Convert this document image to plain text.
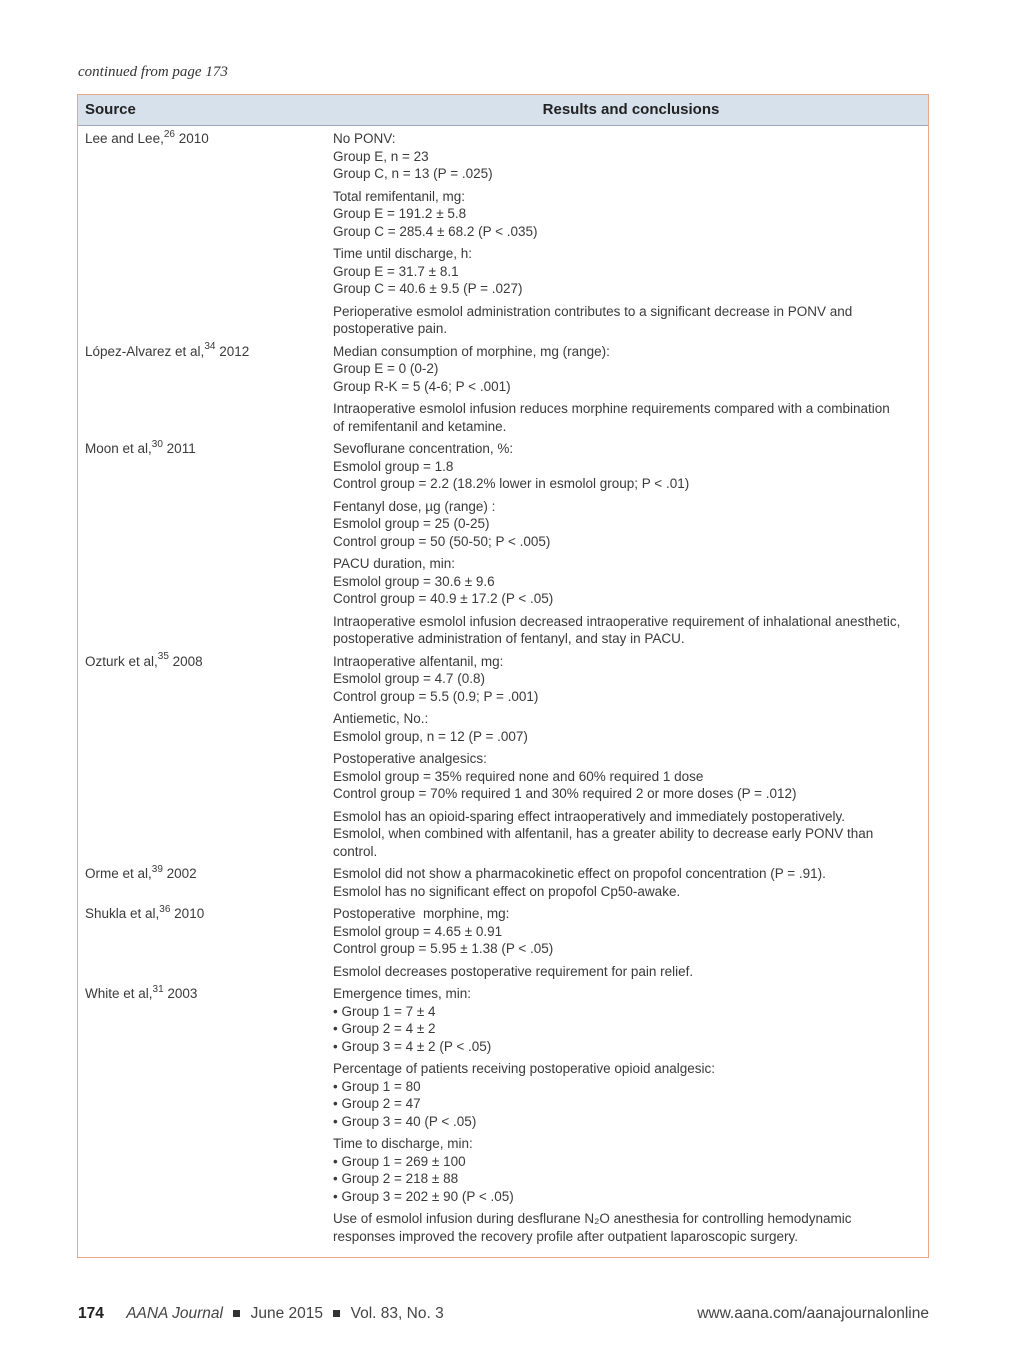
continued from page 173
Source	Results and conclusions
Lee and Lee,$^{26}$ 2010	No PONV:
Group E, n = 23
Group C, n = 13 (P = .025)
Total remifentanil, mg:
Group E = 191.2 ± 5.8
Group C = 285.4 ± 68.2 (P < .035)
Time until discharge, h:
Group E = 31.7 ± 8.1
Group C = 40.6 ± 9.5 (P = .027)
Perioperative esmolol administration contributes to a significant decrease in PONV and
postoperative pain.
López-Alvarez et al,$^{34}$ 2012	Median consumption of morphine, mg (range):
Group E = 0 (0-2)
Group R-K = 5 (4-6; P < .001)
Intraoperative esmolol infusion reduces morphine requirements compared with a combination
of remifentanil and ketamine.
Moon et al,$^{30}$ 2011	Sevoflurane concentration, %:
Esmolol group = 1.8
Control group = 2.2 (18.2% lower in esmolol group; P < .01)
Fentanyl dose, µg (range) :
Esmolol group = 25 (0-25)
Control group = 50 (50-50; P < .005)
PACU duration, min:
Esmolol group = 30.6 ± 9.6
Control group = 40.9 ± 17.2 (P < .05)
Intraoperative esmolol infusion decreased intraoperative requirement of inhalational anesthetic,
postoperative administration of fentanyl, and stay in PACU.
Ozturk et al,$^{35}$ 2008	Intraoperative alfentanil, mg:
Esmolol group = 4.7 (0.8)
Control group = 5.5 (0.9; P = .001)
Antiemetic, No.:
Esmolol group, n = 12 (P = .007)
Postoperative analgesics:
Esmolol group = 35% required none and 60% required 1 dose
Control group = 70% required 1 and 30% required 2 or more doses (P = .012)
Esmolol has an opioid-sparing effect intraoperatively and immediately postoperatively.
Esmolol, when combined with alfentanil, has a greater ability to decrease early PONV than
control.
Orme et al,$^{39}$ 2002	Esmolol did not show a pharmacokinetic effect on propofol concentration (P = .91).
Esmolol has no significant effect on propofol Cp50-awake.
Shukla et al,$^{36}$ 2010	Postoperative  morphine, mg:
Esmolol group = 4.65 ± 0.91
Control group = 5.95 ± 1.38 (P < .05)
Esmolol decreases postoperative requirement for pain relief.
White et al,$^{31}$ 2003	Emergence times, min:
• Group 1 = 7 ± 4
• Group 2 = 4 ± 2
• Group 3 = 4 ± 2 (P < .05)
Percentage of patients receiving postoperative opioid analgesic:
• Group 1 = 80
• Group 2 = 47
• Group 3 = 40 (P < .05)
Time to discharge, min:
• Group 1 = 269 ± 100
• Group 2 = 218 ± 88
• Group 3 = 202 ± 90 (P < .05)
Use of esmolol infusion during desflurane N₂O anesthesia for controlling hemodynamic
responses improved the recovery profile after outpatient laparoscopic surgery.
174 AANA Journal June 2015 Vol. 83, No. 3	www.aana.com/aanajournalonline
